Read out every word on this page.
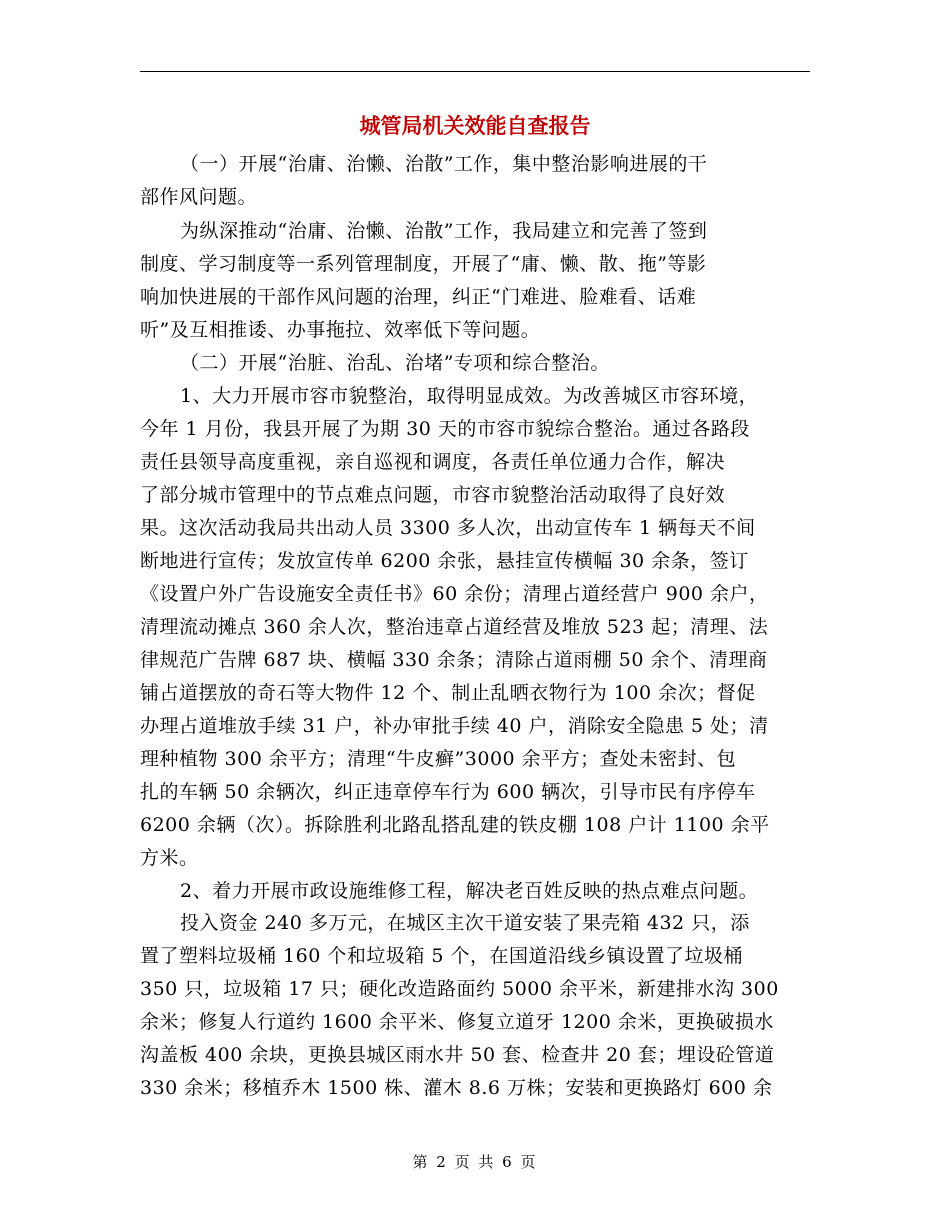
城管局机关效能自查报告
（一）开展“治庸、治懒、治散”工作，集中整治影响进展的干
部作风问题。
为纵深推动“治庸、治懒、治散”工作，我局建立和完善了签到
制度、学习制度等一系列管理制度，开展了“庸、懒、散、拖”等影
响加快进展的干部作风问题的治理，纠正“门难进、脸难看、话难
听”及互相推诿、办事拖拉、效率低下等问题。
（二）开展“治脏、治乱、治堵”专项和综合整治。
1、大力开展市容市貌整治，取得明显成效。为改善城区市容环境，
今年 1 月份，我县开展了为期 30 天的市容市貌综合整治。通过各路段
责任县领导高度重视，亲自巡视和调度，各责任单位通力合作，解决
了部分城市管理中的节点难点问题，市容市貌整治活动取得了良好效
果。这次活动我局共出动人员 3300 多人次，出动宣传车 1 辆每天不间
断地进行宣传；发放宣传单 6200 余张，悬挂宣传横幅 30 余条，签订
《设置户外广告设施安全责任书》60 余份；清理占道经营户 900 余户，
清理流动摊点 360 余人次，整治违章占道经营及堆放 523 起；清理、法
律规范广告牌 687 块、横幅 330 余条；清除占道雨棚 50 余个、清理商
铺占道摆放的奇石等大物件 12 个、制止乱晒衣物行为 100 余次；督促
办理占道堆放手续 31 户，补办审批手续 40 户，消除安全隐患 5 处；清
理种植物 300 余平方；清理“牛皮癣”3000 余平方；查处未密封、包
扎的车辆 50 余辆次，纠正违章停车行为 600 辆次，引导市民有序停车
6200 余辆（次）。拆除胜利北路乱搭乱建的铁皮棚 108 户计 1100 余平
方米。
2、着力开展市政设施维修工程，解决老百姓反映的热点难点问题。
投入资金 240 多万元，在城区主次干道安装了果壳箱 432 只，添
置了塑料垃圾桶 160 个和垃圾箱 5 个，在国道沿线乡镇设置了垃圾桶
350 只，垃圾箱 17 只；硬化改造路面约 5000 余平米，新建排水沟 300
余米；修复人行道约 1600 余平米、修复立道牙 1200 余米，更换破损水
沟盖板 400 余块，更换县城区雨水井 50 套、检查井 20 套；埋设砼管道
330 余米；移植乔木 1500 株、灌木 8.6 万株；安装和更换路灯 600 余
第 2 页 共 6 页
